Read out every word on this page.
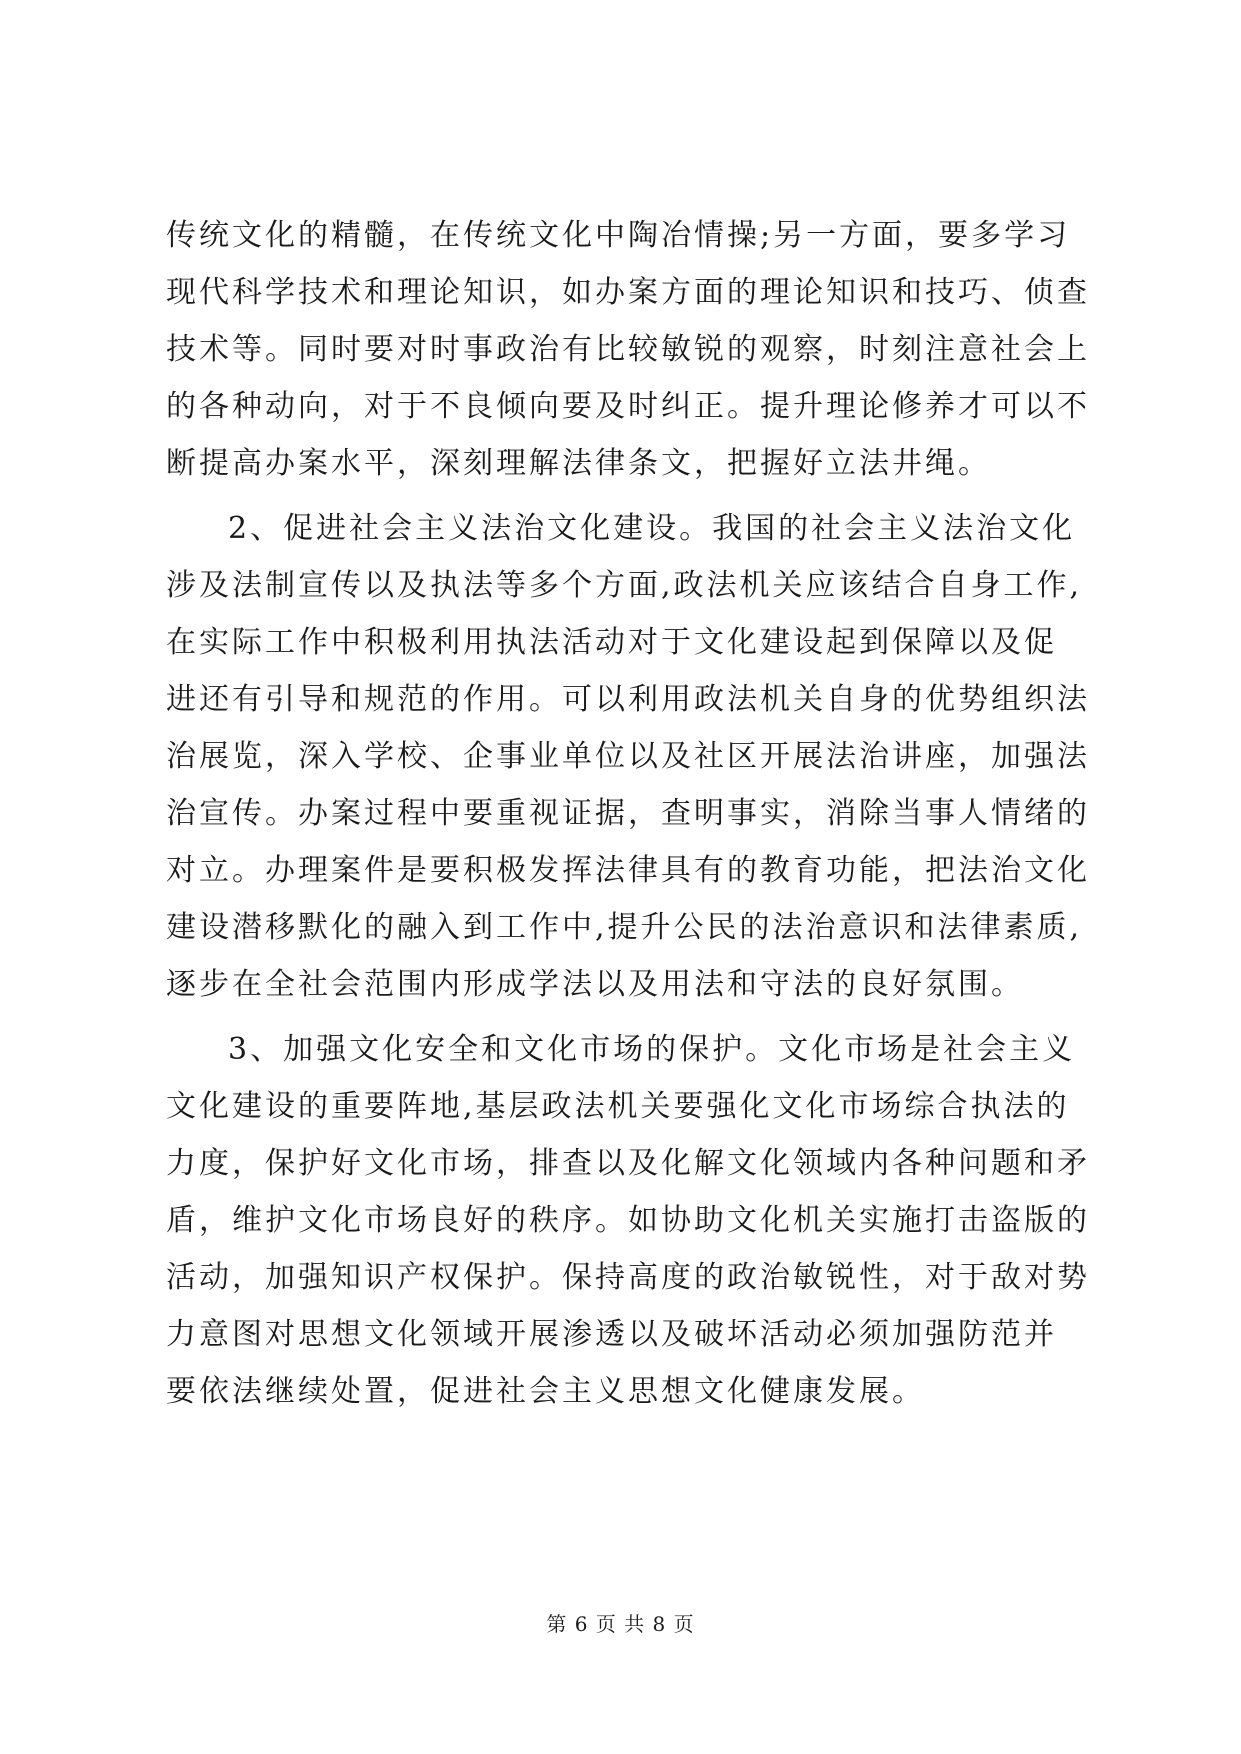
传统文化的精髓，在传统文化中陶冶情操;另一方面，要多学习
现代科学技术和理论知识，如办案方面的理论知识和技巧、侦查
技术等。同时要对时事政治有比较敏锐的观察，时刻注意社会上
的各种动向，对于不良倾向要及时纠正。提升理论修养才可以不
断提高办案水平，深刻理解法律条文，把握好立法井绳。
2、促进社会主义法治文化建设。我国的社会主义法治文化
涉及法制宣传以及执法等多个方面,政法机关应该结合自身工作,
在实际工作中积极利用执法活动对于文化建设起到保障以及促
进还有引导和规范的作用。可以利用政法机关自身的优势组织法
治展览，深入学校、企事业单位以及社区开展法治讲座，加强法
治宣传。办案过程中要重视证据，查明事实，消除当事人情绪的
对立。办理案件是要积极发挥法律具有的教育功能，把法治文化
建设潜移默化的融入到工作中,提升公民的法治意识和法律素质,
逐步在全社会范围内形成学法以及用法和守法的良好氛围。
3、加强文化安全和文化市场的保护。文化市场是社会主义
文化建设的重要阵地,基层政法机关要强化文化市场综合执法的
力度，保护好文化市场，排查以及化解文化领域内各种问题和矛
盾，维护文化市场良好的秩序。如协助文化机关实施打击盗版的
活动，加强知识产权保护。保持高度的政治敏锐性，对于敌对势
力意图对思想文化领域开展渗透以及破坏活动必须加强防范并
要依法继续处置，促进社会主义思想文化健康发展。
第 6 页 共 8 页
